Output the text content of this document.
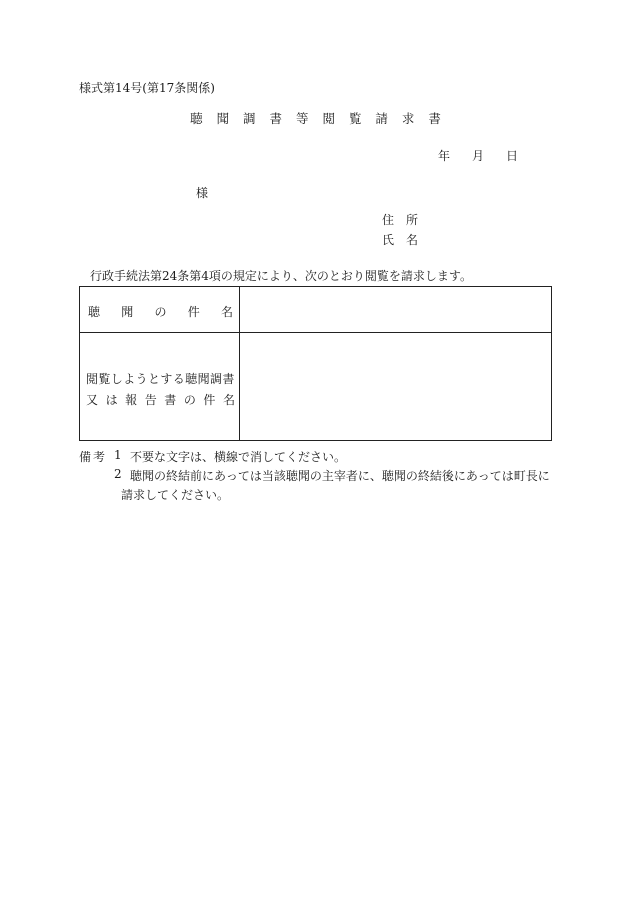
様式第14号(第17条関係)
聴 聞 調 書 等 閲 覧 請 求 書
年 月 日
様
住所
氏名
行政手続法第24条第4項の規定により、次のとおり閲覧を請求します。
聴 聞 の 件 名
閲覧しようとする聴聞調書
又 は 報 告 書 の 件 名
備考 1 不要な文字は、横線で消してください。
2 聴聞の終結前にあっては当該聴聞の主宰者に、聴聞の終結後にあっては町長に
請求してください。
